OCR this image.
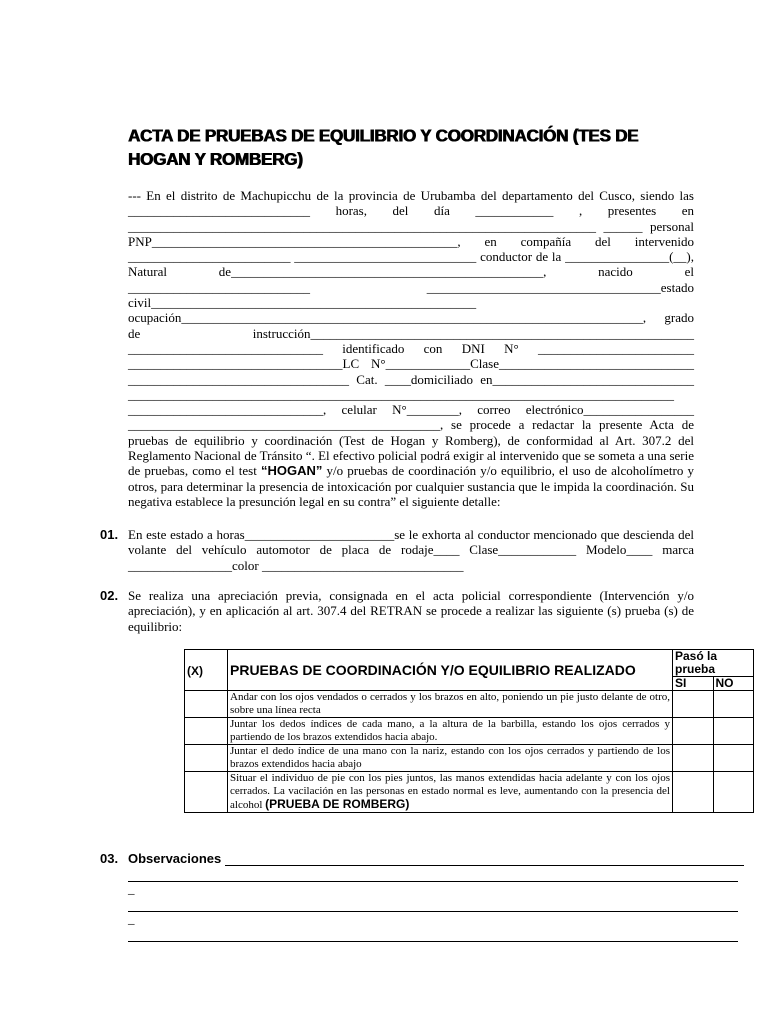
ACTA DE PRUEBAS DE EQUILIBRIO Y COORDINACIÓN (TES DE HOGAN Y ROMBERG)
--- En el distrito de Machupicchu de la provincia de Urubamba del departamento del Cusco, siendo las ____________________________ horas, del día ____________ , presentes en ________________________________________________________________________ ______ personal PNP_______________________________________________, en compañía del intervenido _________________________ ____________________________ conductor de la ________________(__), Natural de________________________________________________, nacido el ____________________________ ____________________________________estado civil__________________________________________________ ocupación_______________________________________________________________________, grado de instrucción___________________________________________________________ ______________________________ identificado con DNI N° ________________________ _________________________________LC N°_____________Clase______________________________ __________________________________ Cat. ____domiciliado en_______________________________ ____________________________________________________________________________________ ______________________________, celular N°________, correo electrónico_________________ ________________________________________________, se procede a redactar la presente Acta de pruebas de equilibrio y coordinación (Test de Hogan y Romberg), de conformidad al Art. 307.2 del Reglamento Nacional de Tránsito “. El efectivo policial podrá exigir al intervenido que se someta a una serie de pruebas, como el test “HOGAN” y/o pruebas de coordinación y/o equilibrio, el uso de alcoholímetro y otros, para determinar la presencia de intoxicación por cualquier sustancia que le impida la coordinación. Su negativa establece la presunción legal en su contra” el siguiente detalle:
01. En este estado a horas_______________________se le exhorta al conductor mencionado que descienda del volante del vehículo automotor de placa de rodaje____ Clase____________ Modelo____ marca ________________color _______________________________
02. Se realiza una apreciación previa, consignada en el acta policial correspondiente (Intervención y/o apreciación), y en aplicación al art. 307.4 del RETRAN se procede a realizar las siguiente (s) prueba (s) de equilibrio:
(X)	PRUEBAS DE COORDINACIÓN Y/O EQUILIBRIO REALIZADO	Pasó la prueba	
		SI	NO
	Andar con los ojos vendados o cerrados y los brazos en alto, poniendo un pie justo delante de otro, sobre una línea recta		
	Juntar los dedos índices de cada mano, a la altura de la barbilla, estando los ojos cerrados y partiendo de los brazos extendidos hacia abajo.		
	Juntar el dedo índice de una mano con la nariz, estando con los ojos cerrados y partiendo de los brazos extendidos hacia abajo		
	Situar el individuo de pie con los pies juntos, las manos extendidas hacia adelante y con los ojos cerrados. La vacilación en las personas en estado normal es leve, aumentando con la presencia del alcohol (PRUEBA DE ROMBERG)		
03. Observaciones
_
_
